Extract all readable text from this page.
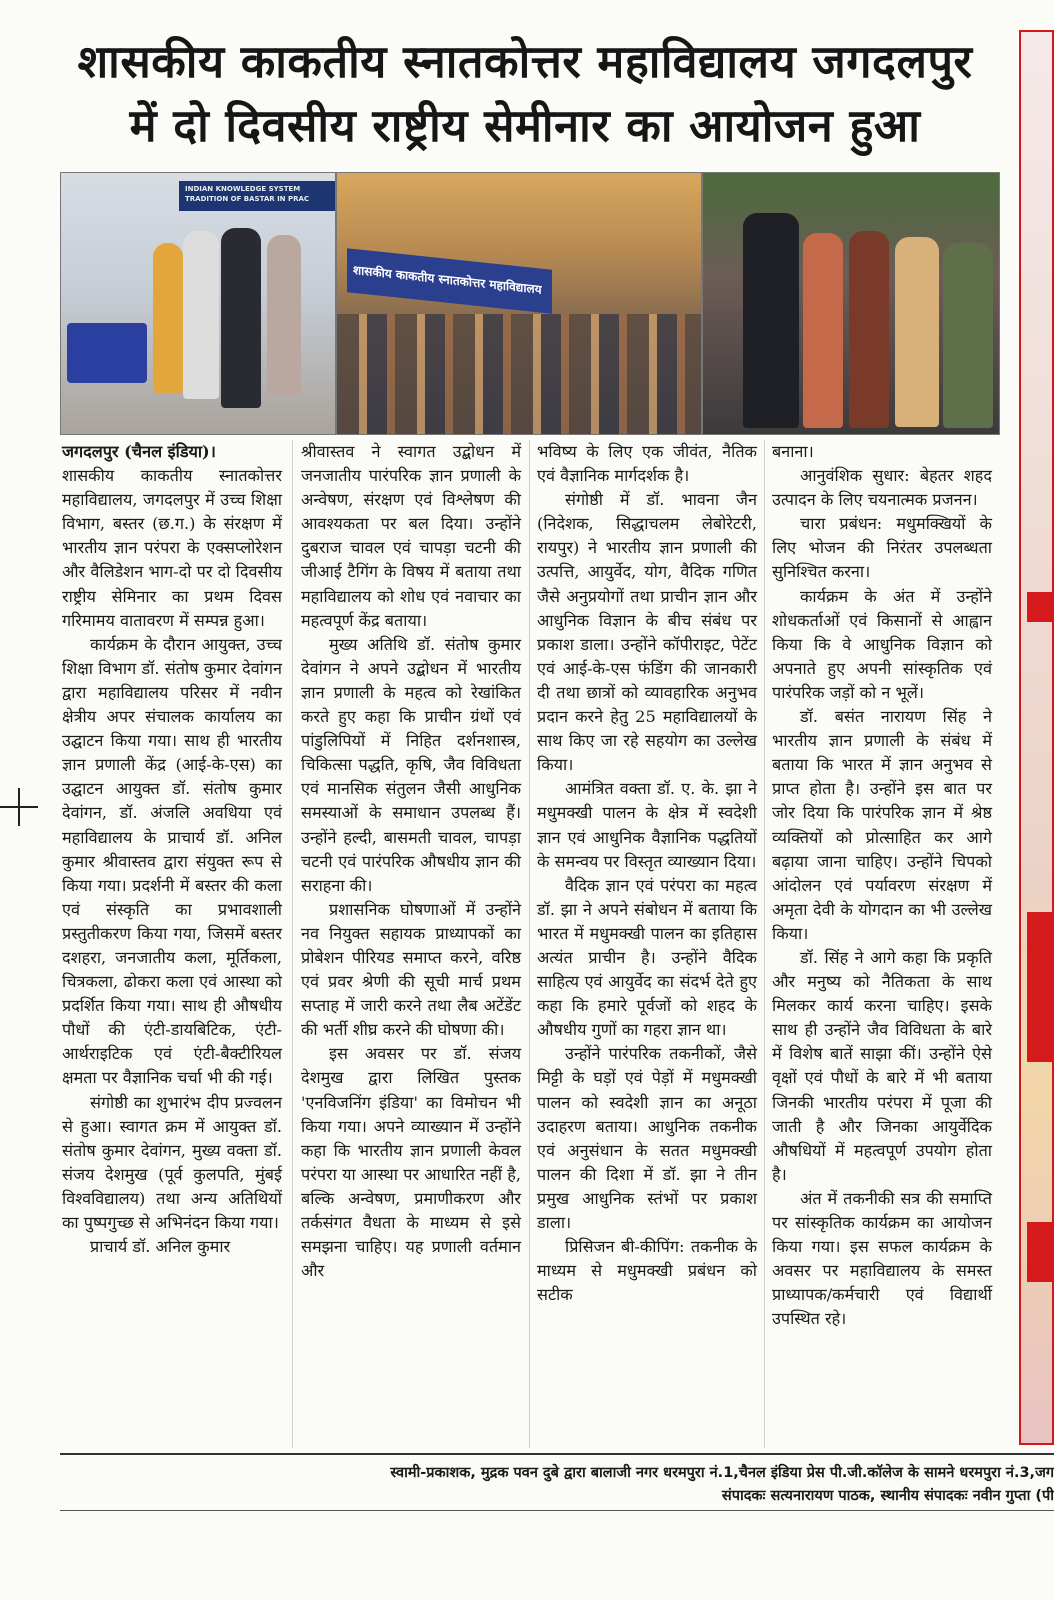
शासकीय काकतीय स्नातकोत्तर महाविद्यालय जगदलपुर
में दो दिवसीय राष्ट्रीय सेमीनार का आयोजन हुआ
INDIAN KNOWLEDGE SYSTEM TRADITION OF BASTAR IN PRAC
शासकीय काकतीय स्नातकोत्तर महाविद्यालय

जगदलपुर (चैनल इंडिया)।

शासकीय काकतीय स्नातकोत्तर महाविद्यालय, जगदलपुर में उच्च शिक्षा विभाग, बस्तर (छ.ग.) के संरक्षण में भारतीय ज्ञान परंपरा के एक्सप्लोरेशन और वैलिडेशन भाग-दो पर दो दिवसीय राष्ट्रीय सेमिनार का प्रथम दिवस गरिमामय वातावरण में सम्पन्न हुआ।

कार्यक्रम के दौरान आयुक्त, उच्च शिक्षा विभाग डॉ. संतोष कुमार देवांगन द्वारा महाविद्यालय परिसर में नवीन क्षेत्रीय अपर संचालक कार्यालय का उद्घाटन किया गया। साथ ही भारतीय ज्ञान प्रणाली केंद्र (आई-के-एस) का उद्घाटन आयुक्त डॉ. संतोष कुमार देवांगन, डॉ. अंजलि अवधिया एवं महाविद्यालय के प्राचार्य डॉ. अनिल कुमार श्रीवास्तव द्वारा संयुक्त रूप से किया गया। प्रदर्शनी में बस्तर की कला एवं संस्कृति का प्रभावशाली प्रस्तुतीकरण किया गया, जिसमें बस्तर दशहरा, जनजातीय कला, मूर्तिकला, चित्रकला, ढोकरा कला एवं आस्था को प्रदर्शित किया गया। साथ ही औषधीय पौधों की एंटी-डायबिटिक, एंटी-आर्थराइटिक एवं एंटी-बैक्टीरियल क्षमता पर वैज्ञानिक चर्चा भी की गई।

संगोष्ठी का शुभारंभ दीप प्रज्वलन से हुआ। स्वागत क्रम में आयुक्त डॉ. संतोष कुमार देवांगन, मुख्य वक्ता डॉ. संजय देशमुख (पूर्व कुलपति, मुंबई विश्वविद्यालय) तथा अन्य अतिथियों का पुष्पगुच्छ से अभिनंदन किया गया।

प्राचार्य डॉ. अनिल कुमार

श्रीवास्तव ने स्वागत उद्बोधन में जनजातीय पारंपरिक ज्ञान प्रणाली के अन्वेषण, संरक्षण एवं विश्लेषण की आवश्यकता पर बल दिया। उन्होंने दुबराज चावल एवं चापड़ा चटनी की जीआई टैगिंग के विषय में बताया तथा महाविद्यालय को शोध एवं नवाचार का महत्वपूर्ण केंद्र बताया।

मुख्य अतिथि डॉ. संतोष कुमार देवांगन ने अपने उद्बोधन में भारतीय ज्ञान प्रणाली के महत्व को रेखांकित करते हुए कहा कि प्राचीन ग्रंथों एवं पांडुलिपियों में निहित दर्शनशास्त्र, चिकित्सा पद्धति, कृषि, जैव विविधता एवं मानसिक संतुलन जैसी आधुनिक समस्याओं के समाधान उपलब्ध हैं। उन्होंने हल्दी, बासमती चावल, चापड़ा चटनी एवं पारंपरिक औषधीय ज्ञान की सराहना की।

प्रशासनिक घोषणाओं में उन्होंने नव नियुक्त सहायक प्राध्यापकों का प्रोबेशन पीरियड समाप्त करने, वरिष्ठ एवं प्रवर श्रेणी की सूची मार्च प्रथम सप्ताह में जारी करने तथा लैब अटेंडेंट की भर्ती शीघ्र करने की घोषणा की।

इस अवसर पर डॉ. संजय देशमुख द्वारा लिखित पुस्तक 'एनविजनिंग इंडिया' का विमोचन भी किया गया। अपने व्याख्यान में उन्होंने कहा कि भारतीय ज्ञान प्रणाली केवल परंपरा या आस्था पर आधारित नहीं है, बल्कि अन्वेषण, प्रमाणीकरण और तर्कसंगत वैधता के माध्यम से इसे समझना चाहिए। यह प्रणाली वर्तमान और

भविष्य के लिए एक जीवंत, नैतिक एवं वैज्ञानिक मार्गदर्शक है।

संगोष्ठी में डॉ. भावना जैन (निदेशक, सिद्धाचलम लेबोरेटरी, रायपुर) ने भारतीय ज्ञान प्रणाली की उत्पत्ति, आयुर्वेद, योग, वैदिक गणित जैसे अनुप्रयोगों तथा प्राचीन ज्ञान और आधुनिक विज्ञान के बीच संबंध पर प्रकाश डाला। उन्होंने कॉपीराइट, पेटेंट एवं आई-के-एस फंडिंग की जानकारी दी तथा छात्रों को व्यावहारिक अनुभव प्रदान करने हेतु 25 महाविद्यालयों के साथ किए जा रहे सहयोग का उल्लेख किया।

आमंत्रित वक्ता डॉ. ए. के. झा ने मधुमक्खी पालन के क्षेत्र में स्वदेशी ज्ञान एवं आधुनिक वैज्ञानिक पद्धतियों के समन्वय पर विस्तृत व्याख्यान दिया।

वैदिक ज्ञान एवं परंपरा का महत्व डॉ. झा ने अपने संबोधन में बताया कि भारत में मधुमक्खी पालन का इतिहास अत्यंत प्राचीन है। उन्होंने वैदिक साहित्य एवं आयुर्वेद का संदर्भ देते हुए कहा कि हमारे पूर्वजों को शहद के औषधीय गुणों का गहरा ज्ञान था।

उन्होंने पारंपरिक तकनीकों, जैसे मिट्टी के घड़ों एवं पेड़ों में मधुमक्खी पालन को स्वदेशी ज्ञान का अनूठा उदाहरण बताया। आधुनिक तकनीक एवं अनुसंधान के सतत मधुमक्खी पालन की दिशा में डॉ. झा ने तीन प्रमुख आधुनिक स्तंभों पर प्रकाश डाला।

प्रिसिजन बी-कीपिंग: तकनीक के माध्यम से मधुमक्खी प्रबंधन को सटीक

बनाना।

आनुवंशिक सुधार: बेहतर शहद उत्पादन के लिए चयनात्मक प्रजनन।

चारा प्रबंधन: मधुमक्खियों के लिए भोजन की निरंतर उपलब्धता सुनिश्चित करना।

कार्यक्रम के अंत में उन्होंने शोधकर्ताओं एवं किसानों से आह्वान किया कि वे आधुनिक विज्ञान को अपनाते हुए अपनी सांस्कृतिक एवं पारंपरिक जड़ों को न भूलें।

डॉ. बसंत नारायण सिंह ने भारतीय ज्ञान प्रणाली के संबंध में बताया कि भारत में ज्ञान अनुभव से प्राप्त होता है। उन्होंने इस बात पर जोर दिया कि पारंपरिक ज्ञान में श्रेष्ठ व्यक्तियों को प्रोत्साहित कर आगे बढ़ाया जाना चाहिए। उन्होंने चिपको आंदोलन एवं पर्यावरण संरक्षण में अमृता देवी के योगदान का भी उल्लेख किया।

डॉ. सिंह ने आगे कहा कि प्रकृति और मनुष्य को नैतिकता के साथ मिलकर कार्य करना चाहिए। इसके साथ ही उन्होंने जैव विविधता के बारे में विशेष बातें साझा कीं। उन्होंने ऐसे वृक्षों एवं पौधों के बारे में भी बताया जिनकी भारतीय परंपरा में पूजा की जाती है और जिनका आयुर्वेदिक औषधियों में महत्वपूर्ण उपयोग होता है।

अंत में तकनीकी सत्र की समाप्ति पर सांस्कृतिक कार्यक्रम का आयोजन किया गया। इस सफल कार्यक्रम के अवसर पर महाविद्यालय के समस्त प्राध्यापक/कर्मचारी एवं विद्यार्थी उपस्थित रहे।

स्वामी-प्रकाशक, मुद्रक पवन दुबे द्वारा बालाजी नगर धरमपुरा नं.1,चैनल इंडिया प्रेस पी.जी.कॉलेज के सामने धरमपुरा नं.3,जग
संपादकः सत्यनारायण पाठक, स्थानीय संपादकः नवीन गुप्ता (पी
